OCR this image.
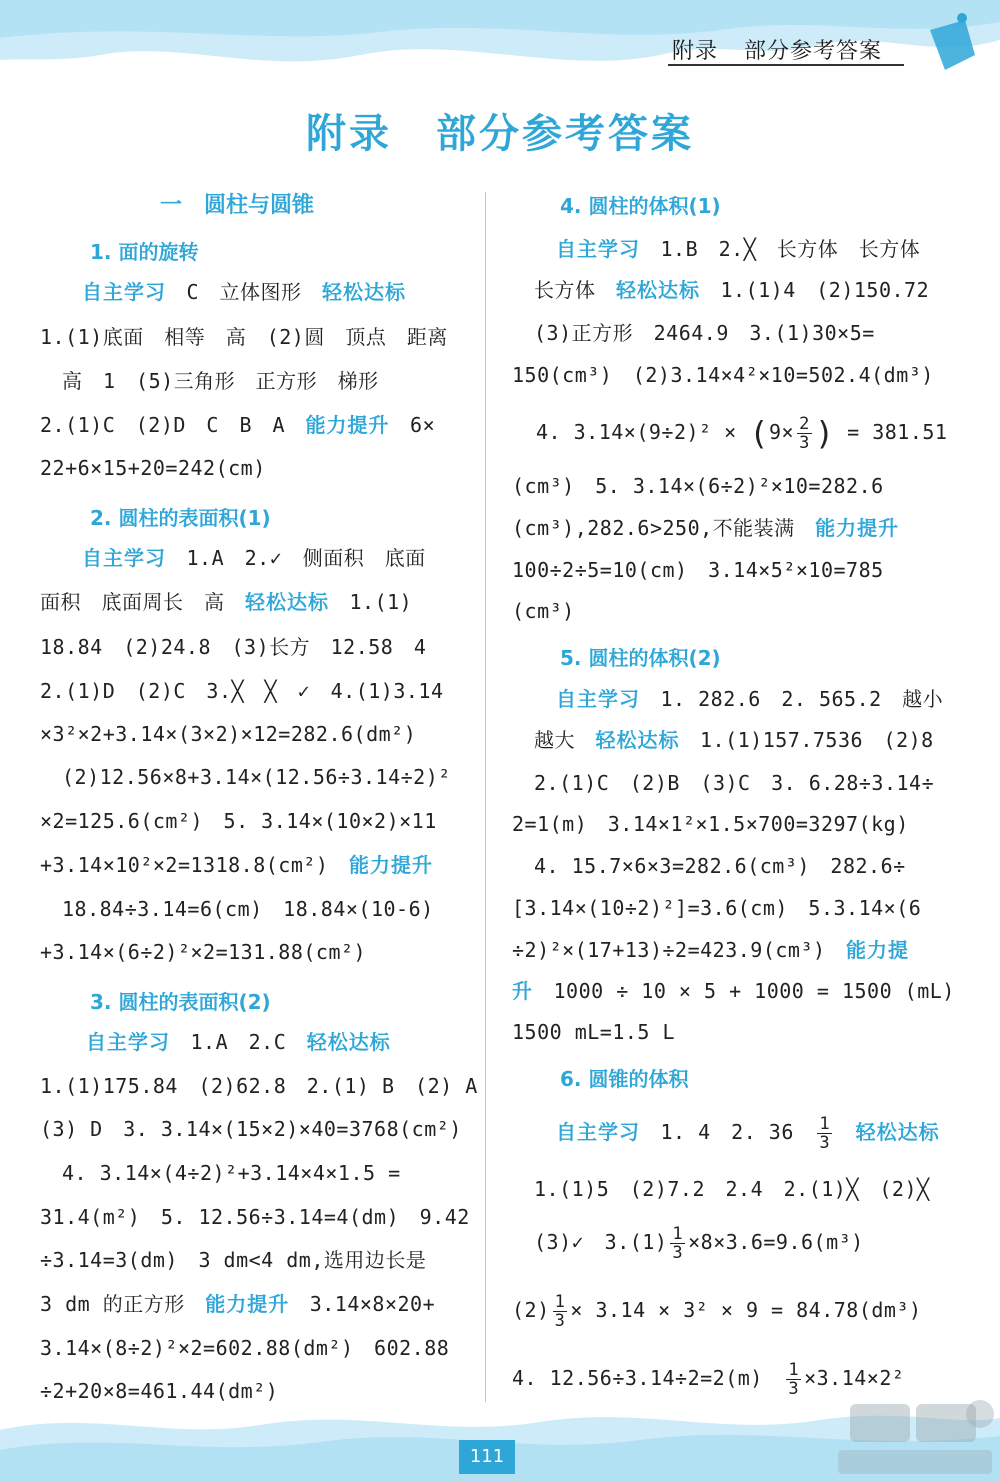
附录 部分参考答案
附录 部分参考答案
一　圆柱与圆锥
1. 面的旋转
自主学习　 C　立体图形　 轻松达标
1.(1)底面　相等　高　(2)圆　顶点　距离
高　1　(5)三角形　正方形　梯形
2.(1)C　(2)D　C　B　A　 能力提升　 6×
22+6×15+20=242(cm)
2. 圆柱的表面积(1)
自主学习　 1.A　2.✓　侧面积　底面
面积　底面周长　高　 轻松达标　 1.(1)
18.84　(2)24.8　(3)长方　12.58　4
2.(1)D　(2)C　3.╳　╳　✓　4.(1)3.14
×3²×2+3.14×(3×2)×12=282.6(dm²)
(2)12.56×8+3.14×(12.56÷3.14÷2)²
×2=125.6(cm²)　5. 3.14×(10×2)×11
+3.14×10²×2=1318.8(cm²)　 能力提升
18.84÷3.14=6(cm)　18.84×(10-6)
+3.14×(6÷2)²×2=131.88(cm²)
3. 圆柱的表面积(2)
自主学习　 1.A　2.C　 轻松达标
1.(1)175.84　(2)62.8　2.(1) B　(2) A
(3) D　3. 3.14×(15×2)×40=3768(cm²)
4. 3.14×(4÷2)²+3.14×4×1.5 =
31.4(m²)　5. 12.56÷3.14=4(dm)　9.42
÷3.14=3(dm)　3 dm<4 dm,选用边长是
3 dm 的正方形　 能力提升　 3.14×8×20+
3.14×(8÷2)²×2=602.88(dm²)　602.88
÷2+20×8=461.44(dm²)
4. 圆柱的体积(1)
自主学习　 1.B　2.╳　长方体　长方体
长方体　 轻松达标　 1.(1)4　(2)150.72
(3)正方形　2464.9　3.(1)30×5=
150(cm³)　(2)3.14×4²×10=502.4(dm³)
4. $3.14\times(9\div 2)^2 \times (9\times \frac{2}{3}$ ) = 381.51
(cm³)　5. 3.14×(6÷2)²×10=282.6
(cm³),282.6>250,不能装满　 能力提升
100÷2÷5=10(cm)　3.14×5²×10=785
(cm³)
5. 圆柱的体积(2)
自主学习　 1. 282.6　2. 565.2　越小
越大　 轻松达标　 1.(1)157.7536　(2)8
2.(1)C　(2)B　(3)C　3. 6.28÷3.14÷
2=1(m)　3.14×1²×1.5×700=3297(kg)
4. 15.7×6×3=282.6(cm³)　282.6÷
[3.14×(10÷2)²]=3.6(cm)　5.3.14×(6
÷2)²×(17+13)÷2=423.9(cm³)　 能力提
升　 1000 ÷ 10 × 5 + 1000 = 1500 (mL)
1500 mL=1.5 L
6. 圆锥的体积
自主学习　 1. 4　2. 36　 $\frac{1}{3}$
　 轻松达标
1.(1)5　(2)7.2　2.4　2.(1)╳　(2)╳
(3)✓　$3.(1) \frac{1}{3} \times 8\times 3.6=9.6(m^3)$
$(2) \frac{1}{3} \times 3.14 \times 3^2 \times 9 = 84.78(dm^3)$
4. 12.56÷3.14÷2=2(m)　 $\frac{1}{3} \times 3.14\times 2^2$
111
